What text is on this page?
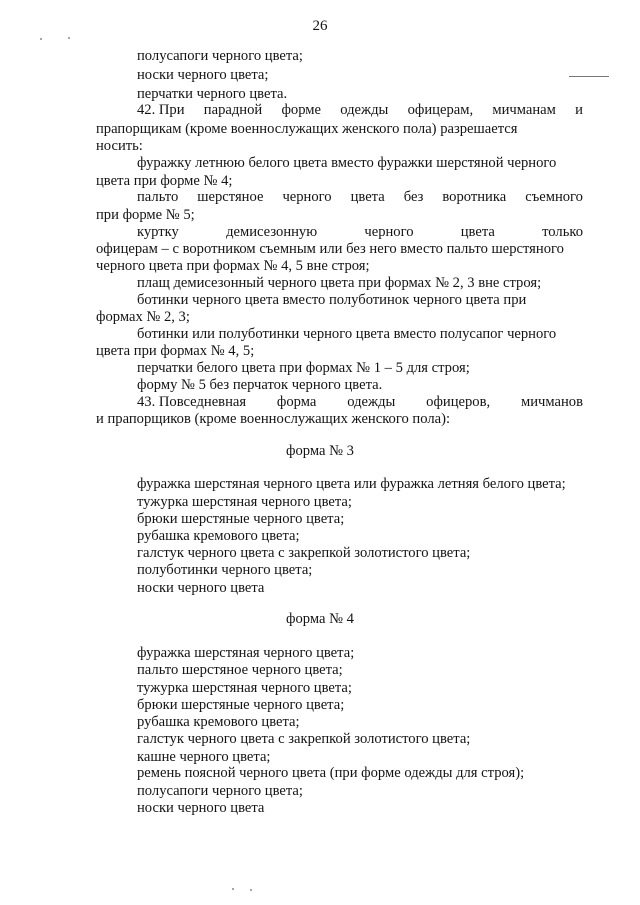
26
полусапоги черного цвета;
носки черного цвета;
перчатки черного цвета.
42. При парадной форме одежды офицерам, мичманам и
прапорщикам (кроме военнослужащих женского пола) разрешается
носить:
фуражку летнюю белого цвета вместо фуражки шерстяной черного
цвета при форме № 4;
пальто шерстяное черного цвета без воротника съемного
при форме № 5;
куртку	демисезонную	черного	цвета	только
офицерам – с воротником съемным или без него вместо пальто шерстяного
черного цвета при формах № 4, 5 вне строя;
плащ демисезонный черного цвета при формах № 2, 3 вне строя;
ботинки черного цвета вместо полуботинок черного цвета при
формах № 2, 3;
ботинки или полуботинки черного цвета вместо полусапог черного
цвета при формах № 4, 5;
перчатки белого цвета при формах № 1 – 5 для строя;
форму № 5 без перчаток черного цвета.
43. Повседневная форма одежды офицеров, мичманов
и прапорщиков (кроме военнослужащих женского пола):
форма № 3
фуражка шерстяная черного цвета или фуражка летняя белого цвета;
тужурка шерстяная черного цвета;
брюки шерстяные черного цвета;
рубашка кремового цвета;
галстук черного цвета с закрепкой золотистого цвета;
полуботинки черного цвета;
носки черного цвета
форма № 4
фуражка шерстяная черного цвета;
пальто шерстяное черного цвета;
тужурка шерстяная черного цвета;
брюки шерстяные черного цвета;
рубашка кремового цвета;
галстук черного цвета с закрепкой золотистого цвета;
кашне черного цвета;
ремень поясной черного цвета (при форме одежды для строя);
полусапоги черного цвета;
носки черного цвета
